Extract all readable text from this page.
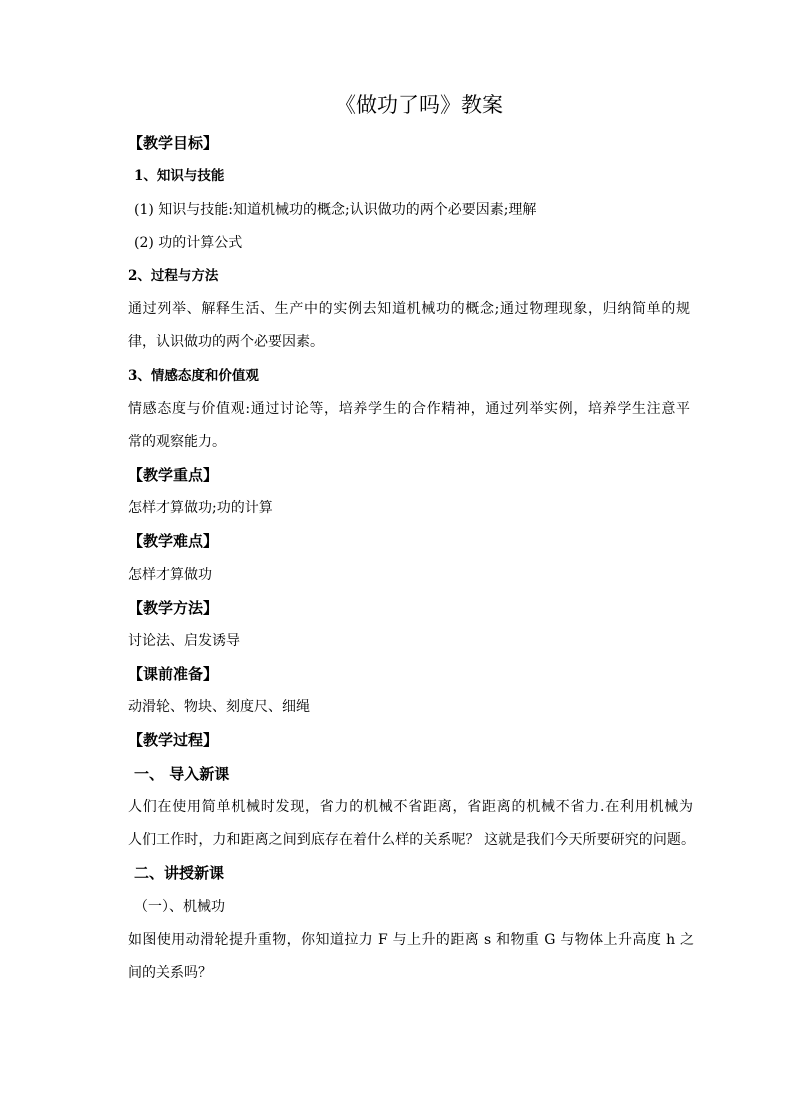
《做功了吗》教案
【教学目标】
1、知识与技能
(1) 知识与技能:知道机械功的概念;认识做功的两个必要因素;理解
(2) 功的计算公式
2、过程与方法
通过列举、解释生活、生产中的实例去知道机械功的概念;通过物理现象，归纳简单的规
律，认识做功的两个必要因素。
3、情感态度和价值观
情感态度与价值观:通过讨论等，培养学生的合作精神，通过列举实例，培养学生注意平
常的观察能力。
【教学重点】
怎样才算做功;功的计算
【教学难点】
怎样才算做功
【教学方法】
讨论法、启发诱导
【课前准备】
动滑轮、物块、刻度尺、细绳
【教学过程】
一、 导入新课
人们在使用简单机械时发现，省力的机械不省距离，省距离的机械不省力.在利用机械为
人们工作时，力和距离之间到底存在着什么样的关系呢？ 这就是我们今天所要研究的问题。
二、讲授新课
（一）、机械功
如图使用动滑轮提升重物，你知道拉力 F 与上升的距离 s 和物重 G 与物体上升高度 h 之
间的关系吗？
